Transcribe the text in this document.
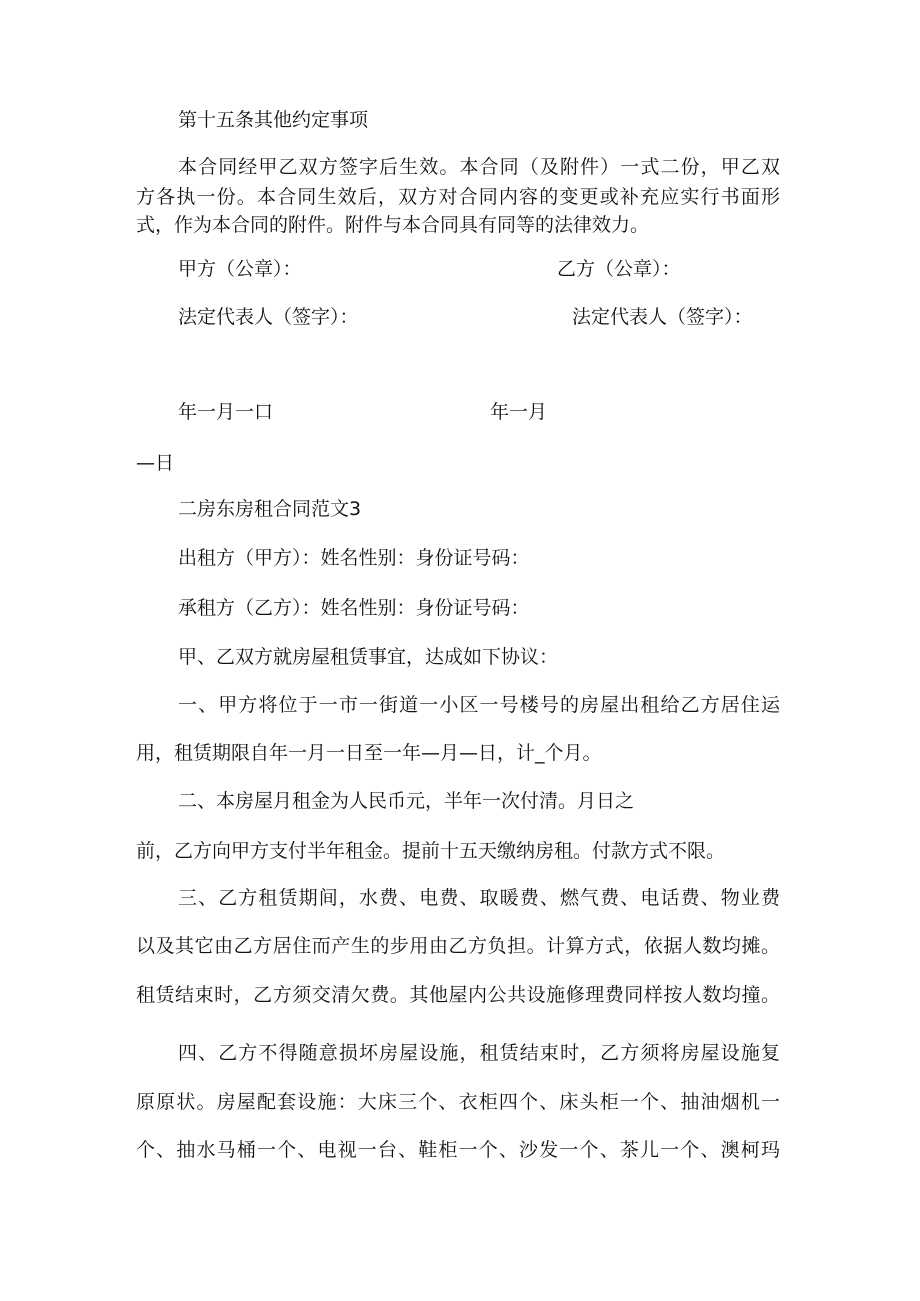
第十五条其他约定事项
本合同经甲乙双方签字后生效。本合同（及附件）一式二份，甲乙双
方各执一份。本合同生效后，双方对合同内容的变更或补充应实行书面形
式，作为本合同的附件。附件与本合同具有同等的法律效力。
甲方（公章）：	乙方（公章）：
法定代表人（签字）：	法定代表人（签字）：
年一月一口	年一月
—日
二房东房租合同范文3
出租方（甲方）：姓名性别：身份证号码：
承租方（乙方）：姓名性别：身份证号码：
甲、乙双方就房屋租赁事宜，达成如下协议：
一、甲方将位于一市一街道一小区一号楼号的房屋出租给乙方居住运
用，租赁期限自年一月一日至一年—月—日，计_个月。
二、本房屋月租金为人民币元，半年一次付清。月日之
前，乙方向甲方支付半年租金。提前十五天缴纳房租。付款方式不限。
三、乙方租赁期间，水费、电费、取暖费、燃气费、电话费、物业费
以及其它由乙方居住而产生的步用由乙方负担。计算方式，依据人数均摊。
租赁结束时，乙方须交清欠费。其他屋内公共设施修理费同样按人数均撞。
四、乙方不得随意损坏房屋设施，租赁结束时，乙方须将房屋设施复
原原状。房屋配套设施：大床三个、衣柜四个、床头柜一个、抽油烟机一
个、抽水马桶一个、电视一台、鞋柜一个、沙发一个、茶儿一个、澳柯玛
